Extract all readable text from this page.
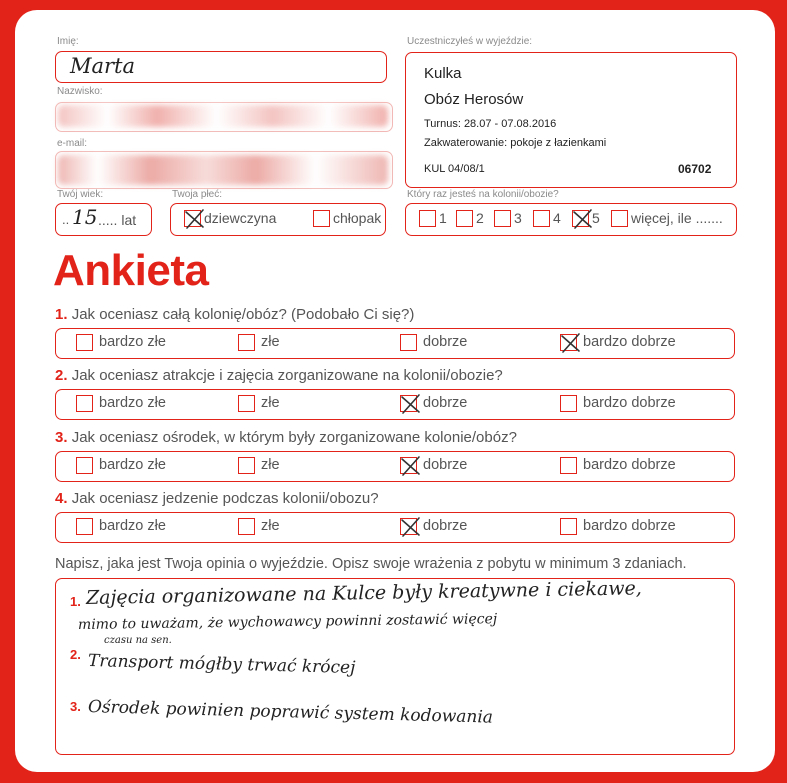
Imię:
Marta
Nazwisko:
e-mail:
Twój wiek:
.. 15 ..... lat
Twoja płeć:
dziewczyna	chłopak
Uczestniczyłeś w wyjeździe:
Kulka
Obóz Herosów
Turnus: 28.07 - 07.08.2016
Zakwaterowanie: pokoje z łazienkami
KUL 04/08/1	06702
Który raz jesteś na kolonii/obozie?
1 2 3 4 5 więcej, ile .......
Ankieta
1. Jak oceniasz całą kolonię/obóz? (Podobało Ci się?)
bardzo złe	złe	dobrze	bardzo dobrze
2. Jak oceniasz atrakcje i zajęcia zorganizowane na kolonii/obozie?
bardzo złe	złe	dobrze	bardzo dobrze
3. Jak oceniasz ośrodek, w którym były zorganizowane kolonie/obóz?
bardzo złe	złe	dobrze	bardzo dobrze
4. Jak oceniasz jedzenie podczas kolonii/obozu?
bardzo złe	złe	dobrze	bardzo dobrze
Napisz, jaka jest Twoja opinia o wyjeździe. Opisz swoje wrażenia z pobytu w minimum 3 zdaniach.
1.
2.
3.
Zajęcia organizowane na Kulce były kreatywne i ciekawe,
mimo to uważam, że wychowawcy powinni zostawić więcej
czasu na sen.
Transport mógłby trwać krócej
Ośrodek powinien poprawić system kodowania
